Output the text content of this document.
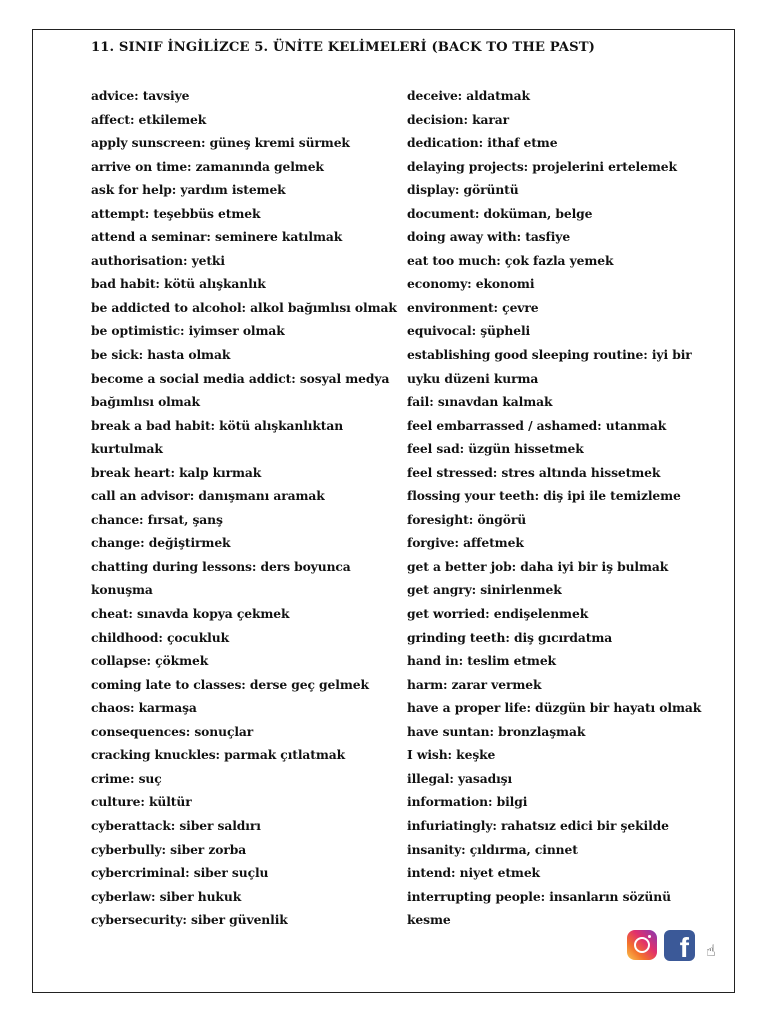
11. SINIF İNGİLİZCE 5. ÜNİTE KELİMELERİ (BACK TO THE PAST)
advice: tavsiye
affect: etkilemek
apply sunscreen: güneş kremi sürmek
arrive on time: zamanında gelmek
ask for help: yardım istemek
attempt: teşebbüs etmek
attend a seminar: seminere katılmak
authorisation: yetki
bad habit: kötü alışkanlık
be addicted to alcohol: alkol bağımlısı olmak
be optimistic: iyimser olmak
be sick: hasta olmak
become a social media addict: sosyal medya
bağımlısı olmak
break a bad habit: kötü alışkanlıktan
kurtulmak
break heart: kalp kırmak
call an advisor: danışmanı aramak
chance: fırsat, şanş
change: değiştirmek
chatting during lessons: ders boyunca
konuşma
cheat: sınavda kopya çekmek
childhood: çocukluk
collapse: çökmek
coming late to classes: derse geç gelmek
chaos: karmaşa
consequences: sonuçlar
cracking knuckles: parmak çıtlatmak
crime: suç
culture: kültür
cyberattack: siber saldırı
cyberbully: siber zorba
cybercriminal: siber suçlu
cyberlaw: siber hukuk
cybersecurity: siber güvenlik
deceive: aldatmak
decision: karar
dedication: ithaf etme
delaying projects: projelerini ertelemek
display: görüntü
document: doküman, belge
doing away with: tasfiye
eat too much: çok fazla yemek
economy: ekonomi
environment: çevre
equivocal: şüpheli
establishing good sleeping routine: iyi bir
uyku düzeni kurma
fail: sınavdan kalmak
feel embarrassed / ashamed: utanmak
feel sad: üzgün hissetmek
feel stressed: stres altında hissetmek
flossing your teeth: diş ipi ile temizleme
foresight: öngörü
forgive: affetmek
get a better job: daha iyi bir iş bulmak
get angry: sinirlenmek
get worried: endişelenmek
grinding teeth: diş gıcırdatma
hand in: teslim etmek
harm: zarar vermek
have a proper life: düzgün bir hayatı olmak
have suntan: bronzlaşmak
I wish: keşke
illegal: yasadışı
information: bilgi
infuriatingly: rahatsız edici bir şekilde
insanity: çıldırma, cinnet
intend: niyet etmek
interrupting people: insanların sözünü
kesme
f	☝
